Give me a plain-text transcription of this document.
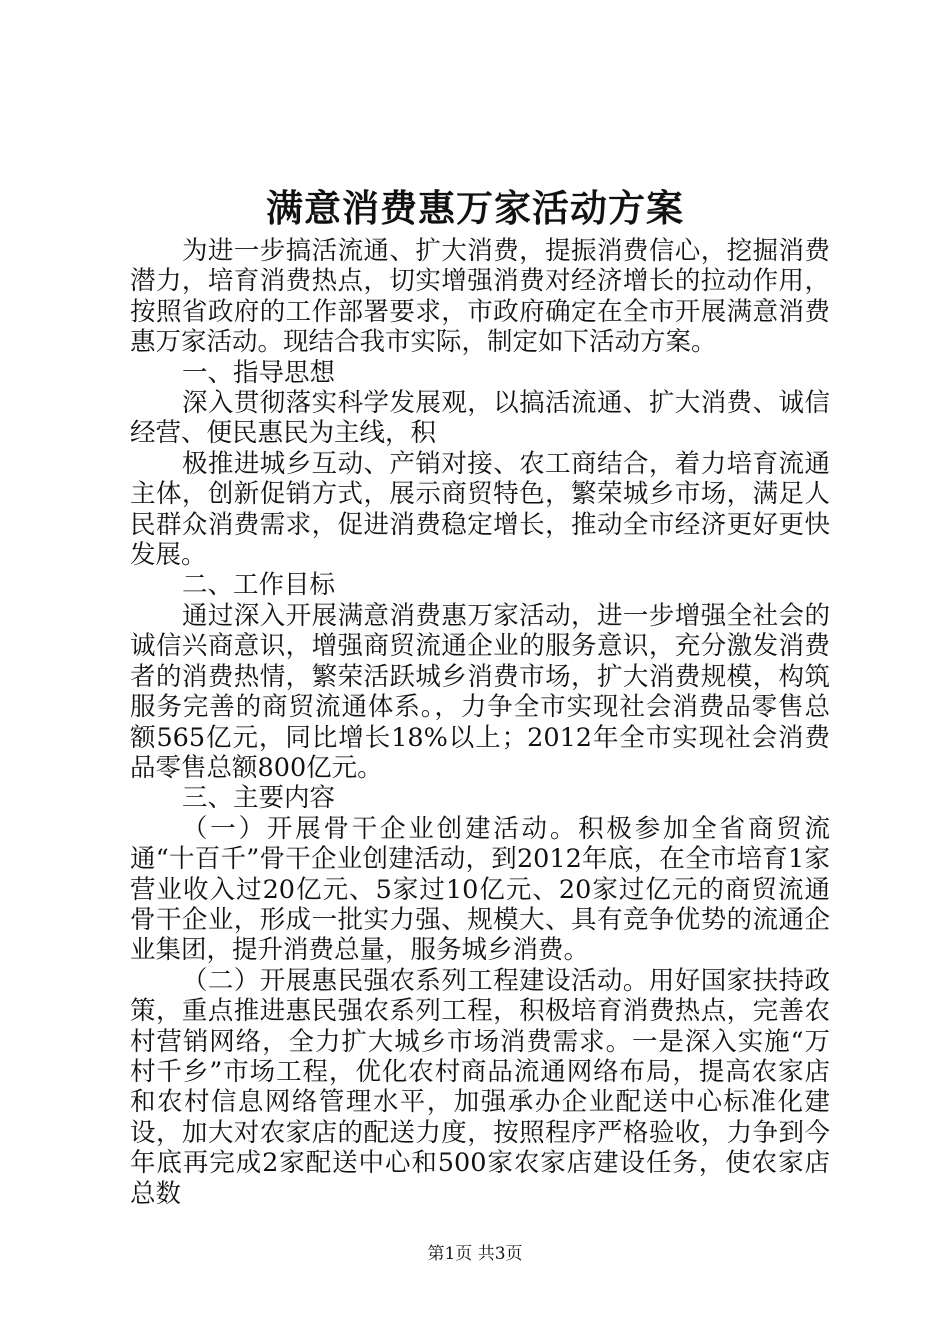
满意消费惠万家活动方案

为进一步搞活流通、扩大消费，提振消费信心，挖掘消费潜力，培育消费热点，切实增强消费对经济增长的拉动作用，按照省政府的工作部署要求，市政府确定在全市开展满意消费惠万家活动。现结合我市实际，制定如下活动方案。

一、指导思想

深入贯彻落实科学发展观，以搞活流通、扩大消费、诚信经营、便民惠民为主线，积

极推进城乡互动、产销对接、农工商结合，着力培育流通主体，创新促销方式，展示商贸特色，繁荣城乡市场，满足人民群众消费需求，促进消费稳定增长，推动全市经济更好更快发展。

二、工作目标

通过深入开展满意消费惠万家活动，进一步增强全社会的诚信兴商意识，增强商贸流通企业的服务意识，充分激发消费者的消费热情，繁荣活跃城乡消费市场，扩大消费规模，构筑服务完善的商贸流通体系。，力争全市实现社会消费品零售总额565亿元，同比增长18%以上；2012年全市实现社会消费品零售总额800亿元。

三、主要内容

（一）开展骨干企业创建活动。积极参加全省商贸流通“十百千”骨干企业创建活动，到2012年底，在全市培育1家营业收入过20亿元、5家过10亿元、20家过亿元的商贸流通骨干企业，形成一批实力强、规模大、具有竞争优势的流通企业集团，提升消费总量，服务城乡消费。

（二）开展惠民强农系列工程建设活动。用好国家扶持政策，重点推进惠民强农系列工程，积极培育消费热点，完善农村营销网络，全力扩大城乡市场消费需求。一是深入实施“万村千乡”市场工程，优化农村商品流通网络布局，提高农家店和农村信息网络管理水平，加强承办企业配送中心标准化建设，加大对农家店的配送力度，按照程序严格验收，力争到今年底再完成2家配送中心和500家农家店建设任务，使农家店总数

第1页 共3页
